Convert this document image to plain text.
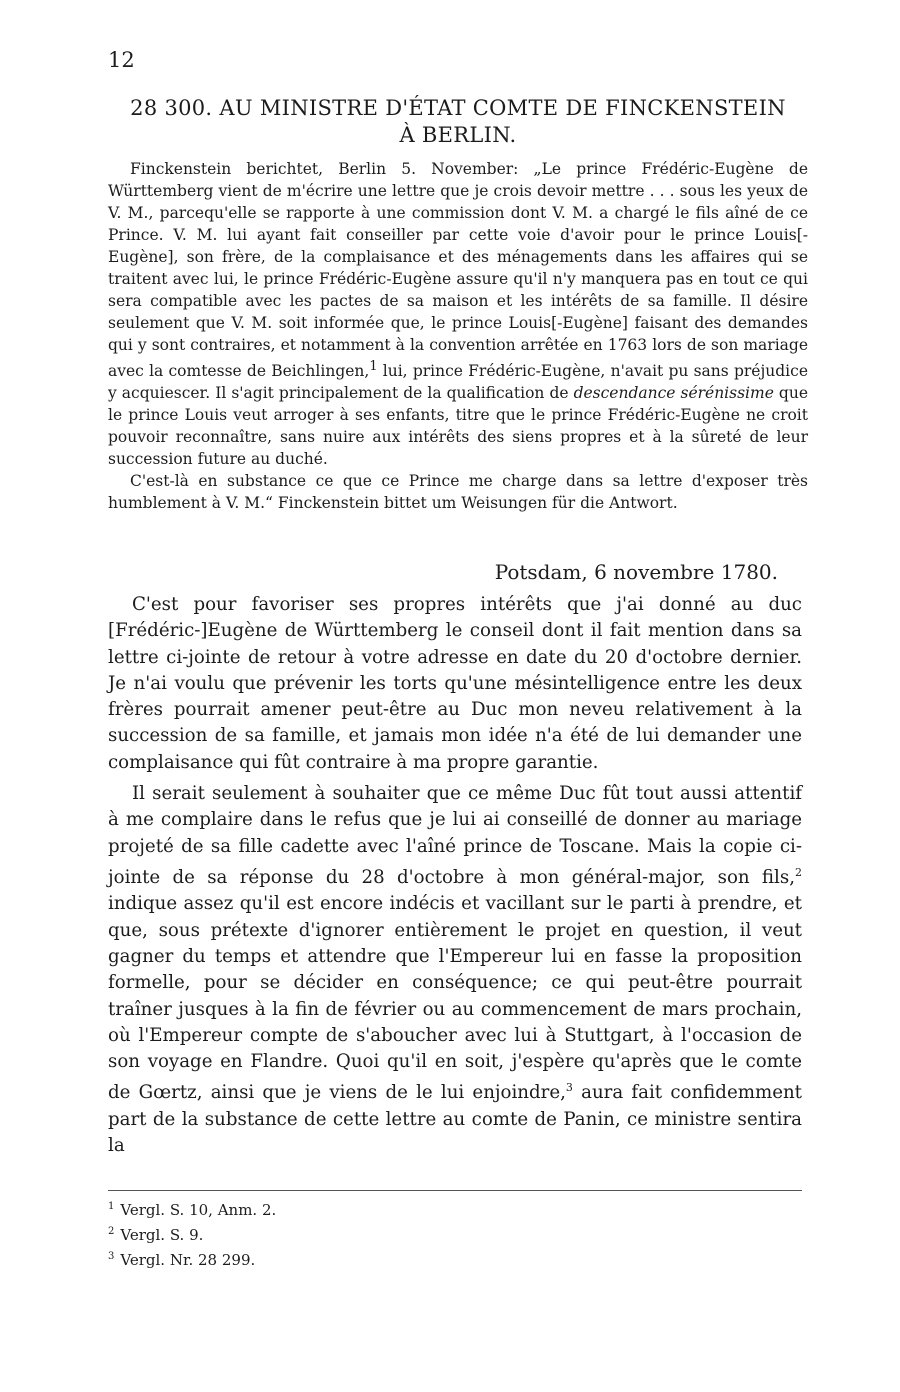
12
28 300. AU MINISTRE D'ÉTAT COMTE DE FINCKENSTEIN
À BERLIN.

Finckenstein berichtet, Berlin 5. November: „Le prince Frédéric-Eugène de Württemberg vient de m'écrire une lettre que je crois devoir mettre . . . sous les yeux de V. M., parcequ'elle se rapporte à une commission dont V. M. a chargé le fils aîné de ce Prince. V. M. lui ayant fait conseiller par cette voie d'avoir pour le prince Louis[-Eugène], son frère, de la complaisance et des ménagements dans les affaires qui se traitent avec lui, le prince Frédéric-Eugène assure qu'il n'y manquera pas en tout ce qui sera compatible avec les pactes de sa maison et les intérêts de sa famille. Il désire seulement que V. M. soit informée que, le prince Louis[-Eugène] faisant des demandes qui y sont contraires, et notamment à la convention arrêtée en 1763 lors de son mariage avec la comtesse de Beichlingen,$^1$ lui, prince Frédéric-Eugène, n'avait pu sans préjudice y acquiescer. Il s'agit principalement de la qualification de descendance sérénissime que le prince Louis veut arroger à ses enfants, titre que le prince Frédéric-Eugène ne croit pouvoir reconnaître, sans nuire aux intérêts des siens propres et à la sûreté de leur succession future au duché.

C'est-là en substance ce que ce Prince me charge dans sa lettre d'exposer très humblement à V. M.“ Finckenstein bittet um Weisungen für die Antwort.

Potsdam, 6 novembre 1780.

C'est pour favoriser ses propres intérêts que j'ai donné au duc [Frédéric-]Eugène de Württemberg le conseil dont il fait mention dans sa lettre ci-jointe de retour à votre adresse en date du 20 d'octobre dernier. Je n'ai voulu que prévenir les torts qu'une mésintelligence entre les deux frères pourrait amener peut-être au Duc mon neveu relativement à la succession de sa famille, et jamais mon idée n'a été de lui demander une complaisance qui fût contraire à ma propre garantie.

Il serait seulement à souhaiter que ce même Duc fût tout aussi attentif à me complaire dans le refus que je lui ai conseillé de donner au mariage projeté de sa fille cadette avec l'aîné prince de Toscane. Mais la copie ci-jointe de sa réponse du 28 d'octobre à mon général-major, son fils,$^2$ indique assez qu'il est encore indécis et vacillant sur le parti à prendre, et que, sous prétexte d'ignorer entièrement le projet en question, il veut gagner du temps et attendre que l'Empereur lui en fasse la proposition formelle, pour se décider en conséquence; ce qui peut-être pourrait traîner jusques à la fin de février ou au commencement de mars prochain, où l'Empereur compte de s'aboucher avec lui à Stuttgart, à l'occasion de son voyage en Flandre. Quoi qu'il en soit, j'espère qu'après que le comte de Gœrtz, ainsi que je viens de le lui enjoindre,$^3$ aura fait confidemment part de la substance de cette lettre au comte de Panin, ce ministre sentira la

$^1$ Vergl. S. 10, Anm. 2.
$^2$ Vergl. S. 9.
$^3$ Vergl. Nr. 28 299.
